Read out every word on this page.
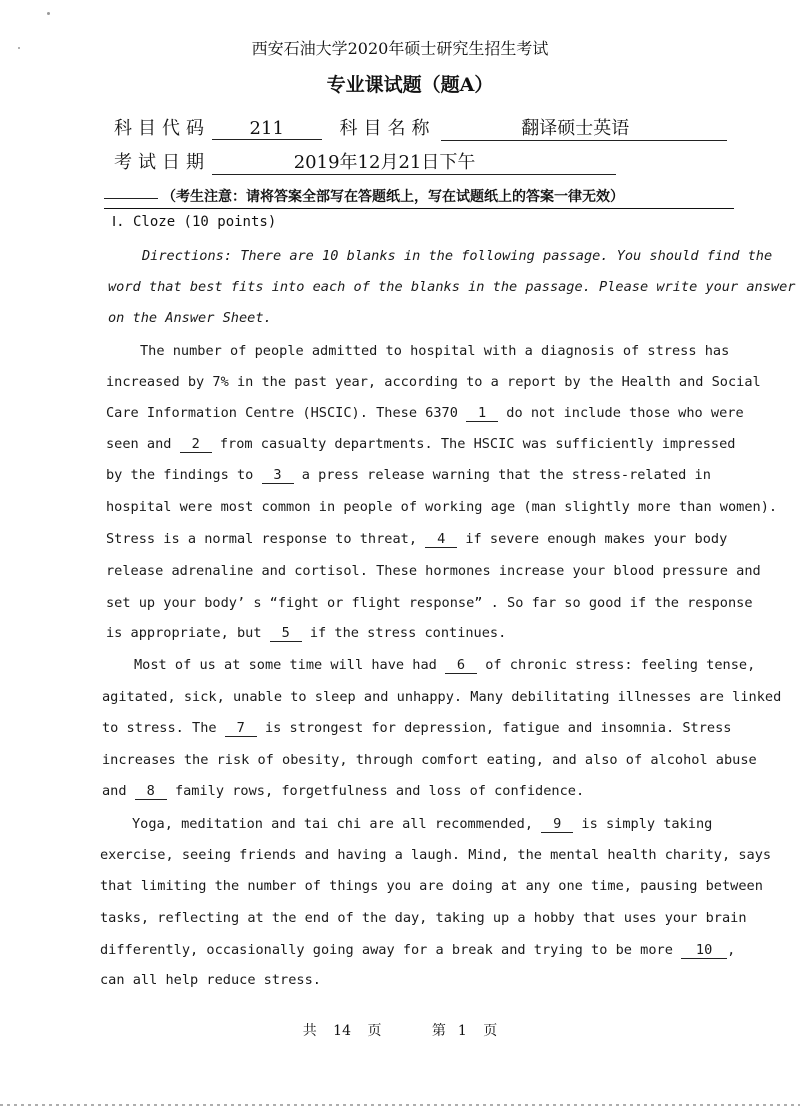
西安石油大学2020年硕士研究生招生考试
专业课试题（题A）
科目代码 211	科目名称	翻译硕士英语
考试日期	2019年12月21日下午
（考生注意：请将答案全部写在答题纸上，写在试题纸上的答案一律无效）
Ⅰ. Cloze (10 points)
Directions: There are 10 blanks in the following passage. You should find the
word that best fits into each of the blanks in the passage. Please write your answer
on the Answer Sheet.
The number of people admitted to hospital with a diagnosis of stress has
increased by 7% in the past year, according to a report by the Health and Social
Care Information Centre (HSCIC). These 6370 1 do not include those who were
seen and 2 from casualty departments. The HSCIC was sufficiently impressed
by the findings to 3 a press release warning that the stress-related in
hospital were most common in people of working age (man slightly more than women).
Stress is a normal response to threat, 4 if severe enough makes your body
release adrenaline and cortisol. These hormones increase your blood pressure and
set up your body’ s “fight or flight response” . So far so good if the response
is appropriate, but 5 if the stress continues.
Most of us at some time will have had 6 of chronic stress: feeling tense,
agitated, sick, unable to sleep and unhappy. Many debilitating illnesses are linked
to stress. The 7 is strongest for depression, fatigue and insomnia. Stress
increases the risk of obesity, through comfort eating, and also of alcohol abuse
and 8 family rows, forgetfulness and loss of confidence.
Yoga, meditation and tai chi are all recommended, 9 is simply taking
exercise, seeing friends and having a laugh. Mind, the mental health charity, says
that limiting the number of things you are doing at any one time, pausing between
tasks, reflecting at the end of the day, taking up a hobby that uses your brain
differently, occasionally going away for a break and trying to be more 10 ,
can all help reduce stress.
共 14 页	第 1 页
